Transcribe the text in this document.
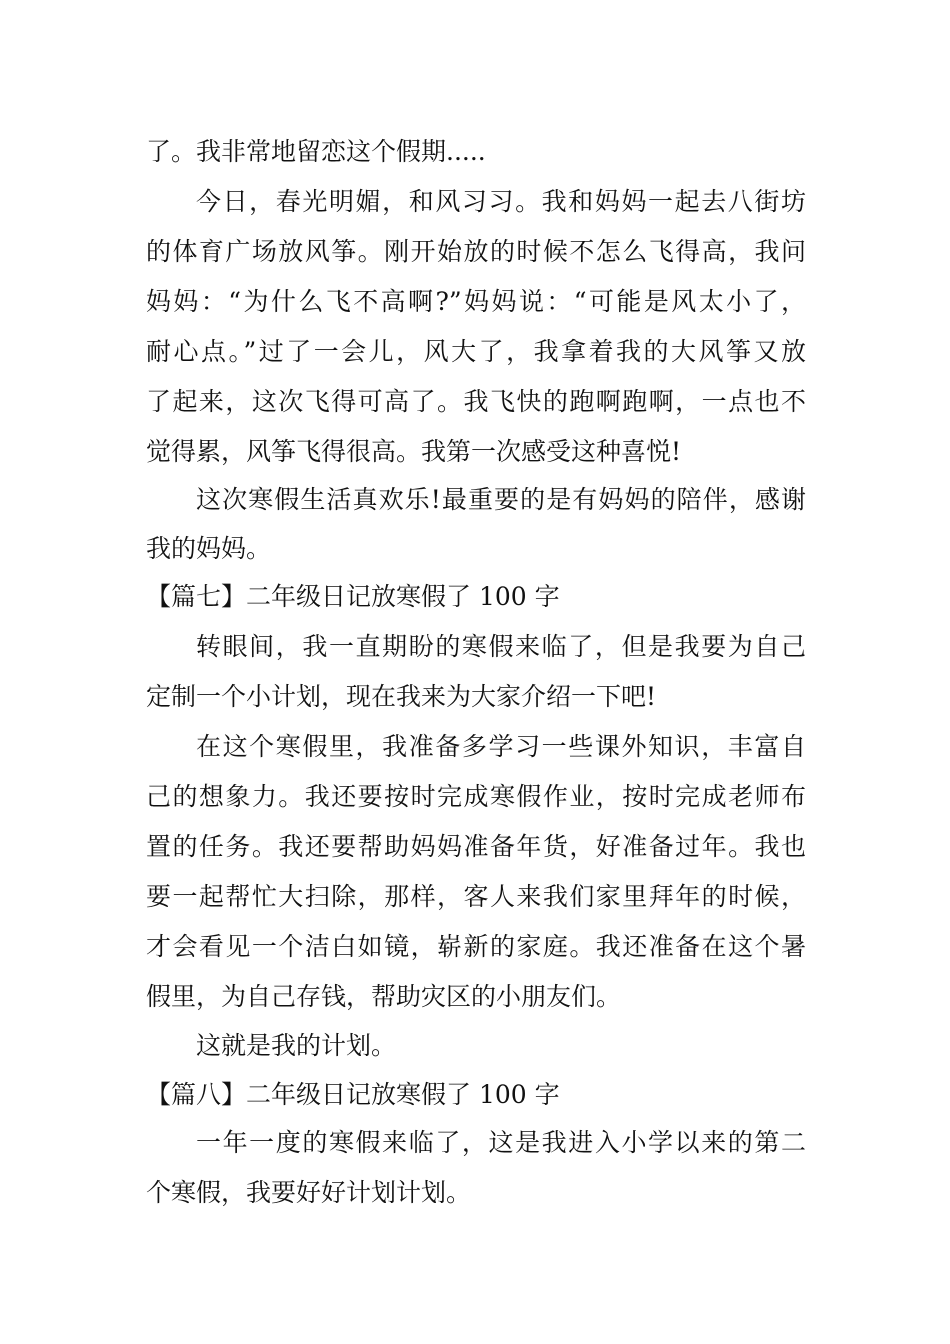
了。我非常地留恋这个假期.....
今日，春光明媚，和风习习。我和妈妈一起去八街坊
的体育广场放风筝。刚开始放的时候不怎么飞得高，我问
妈妈：“为什么飞不高啊?”妈妈说：“可能是风太小了，
耐心点。”过了一会儿，风大了，我拿着我的大风筝又放
了起来，这次飞得可高了。我飞快的跑啊跑啊，一点也不
觉得累，风筝飞得很高。我第一次感受这种喜悦!
这次寒假生活真欢乐!最重要的是有妈妈的陪伴，感谢
我的妈妈。
【篇七】二年级日记放寒假了 100 字
转眼间，我一直期盼的寒假来临了，但是我要为自己
定制一个小计划，现在我来为大家介绍一下吧!
在这个寒假里，我准备多学习一些课外知识，丰富自
己的想象力。我还要按时完成寒假作业，按时完成老师布
置的任务。我还要帮助妈妈准备年货，好准备过年。我也
要一起帮忙大扫除，那样，客人来我们家里拜年的时候，
才会看见一个洁白如镜，崭新的家庭。我还准备在这个暑
假里，为自己存钱，帮助灾区的小朋友们。
这就是我的计划。
【篇八】二年级日记放寒假了 100 字
一年一度的寒假来临了，这是我进入小学以来的第二
个寒假，我要好好计划计划。
